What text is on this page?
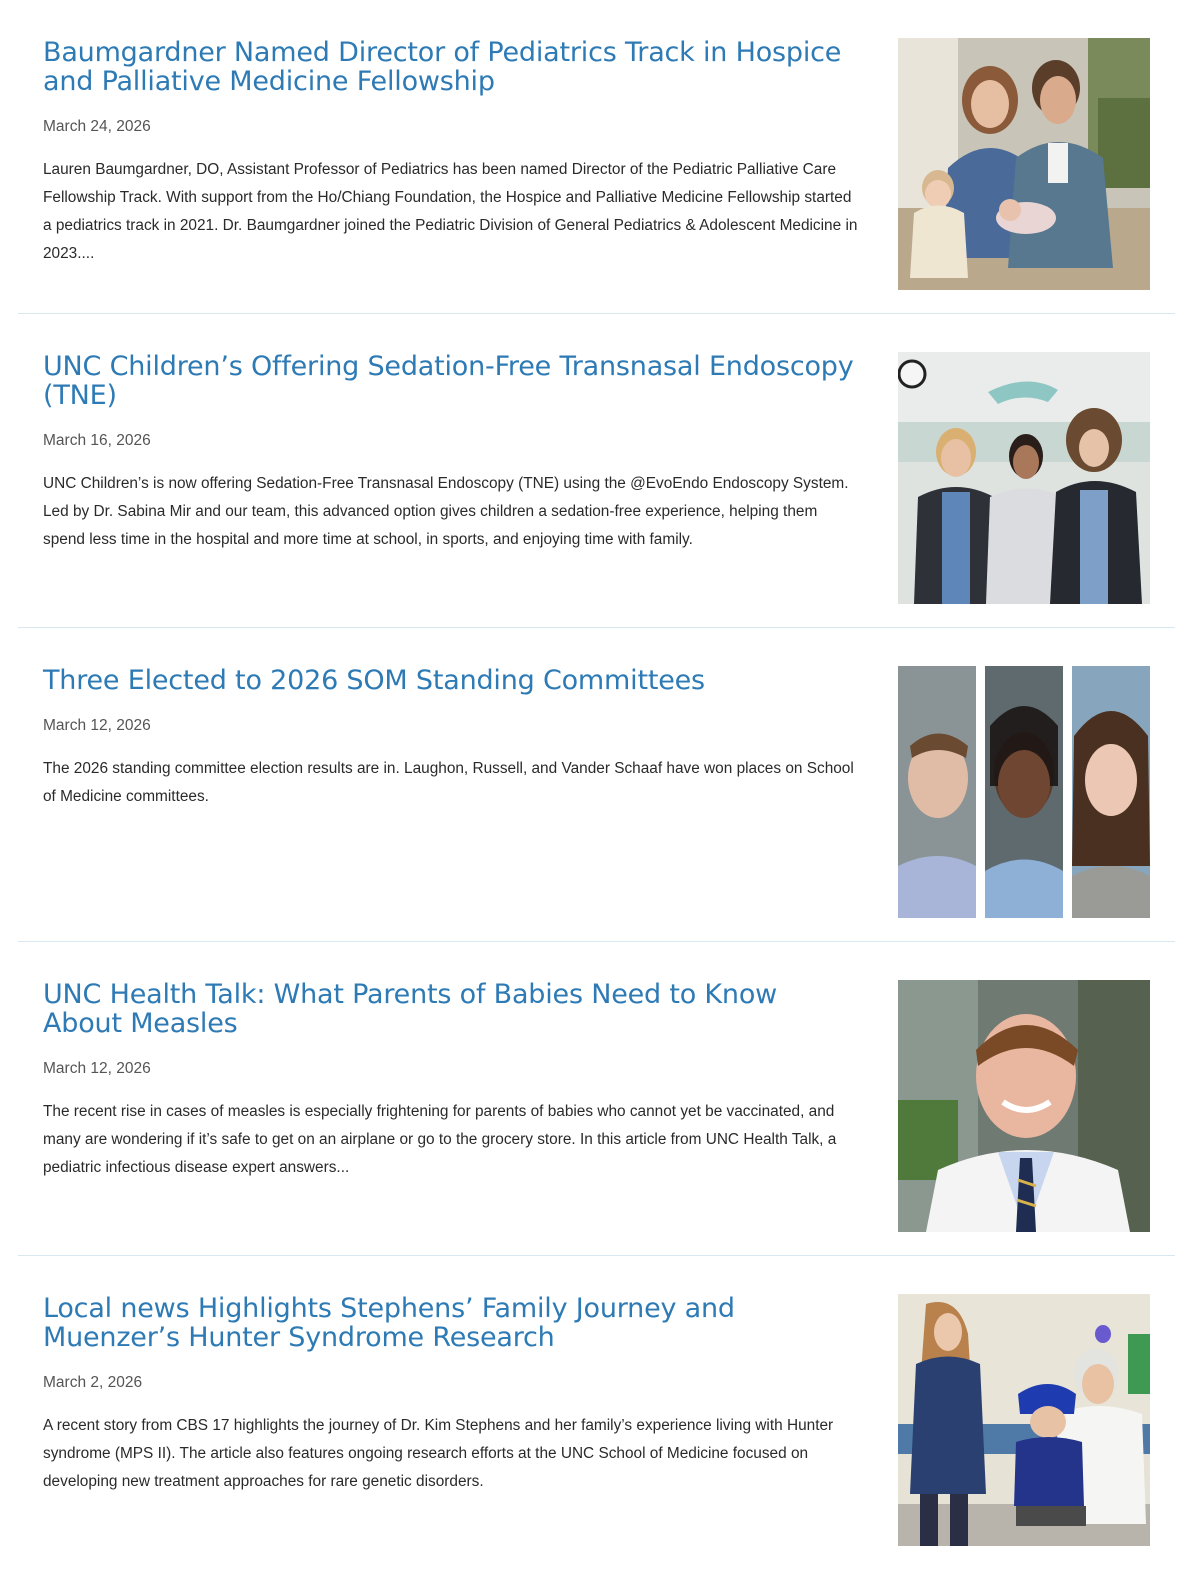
Baumgardner Named Director of Pediatrics Track in Hospice and Palliative Medicine Fellowship
March 24, 2026

Lauren Baumgardner, DO, Assistant Professor of Pediatrics has been named Director of the Pediatric Palliative Care Fellowship Track. With support from the Ho/Chiang Foundation, the Hospice and Palliative Medicine Fellowship started a pediatrics track in 2021. Dr. Baumgardner joined the Pediatric Division of General Pediatrics & Adolescent Medicine in 2023....

UNC Children’s Offering Sedation-Free Transnasal Endoscopy (TNE)
March 16, 2026

UNC Children’s is now offering Sedation-Free Transnasal Endoscopy (TNE) using the @EvoEndo Endoscopy System. Led by Dr. Sabina Mir and our team, this advanced option gives children a sedation-free experience, helping them spend less time in the hospital and more time at school, in sports, and enjoying time with family.

Three Elected to 2026 SOM Standing Committees
March 12, 2026

The 2026 standing committee election results are in. Laughon, Russell, and Vander Schaaf have won places on School of Medicine committees.

UNC Health Talk: What Parents of Babies Need to Know About Measles
March 12, 2026

The recent rise in cases of measles is especially frightening for parents of babies who cannot yet be vaccinated, and many are wondering if it’s safe to get on an airplane or go to the grocery store. In this article from UNC Health Talk, a pediatric infectious disease expert answers...

Local news Highlights Stephens’ Family Journey and Muenzer’s Hunter Syndrome Research
March 2, 2026

A recent story from CBS 17 highlights the journey of Dr. Kim Stephens and her family’s experience living with Hunter syndrome (MPS II). The article also features ongoing research efforts at the UNC School of Medicine focused on developing new treatment approaches for rare genetic disorders.
